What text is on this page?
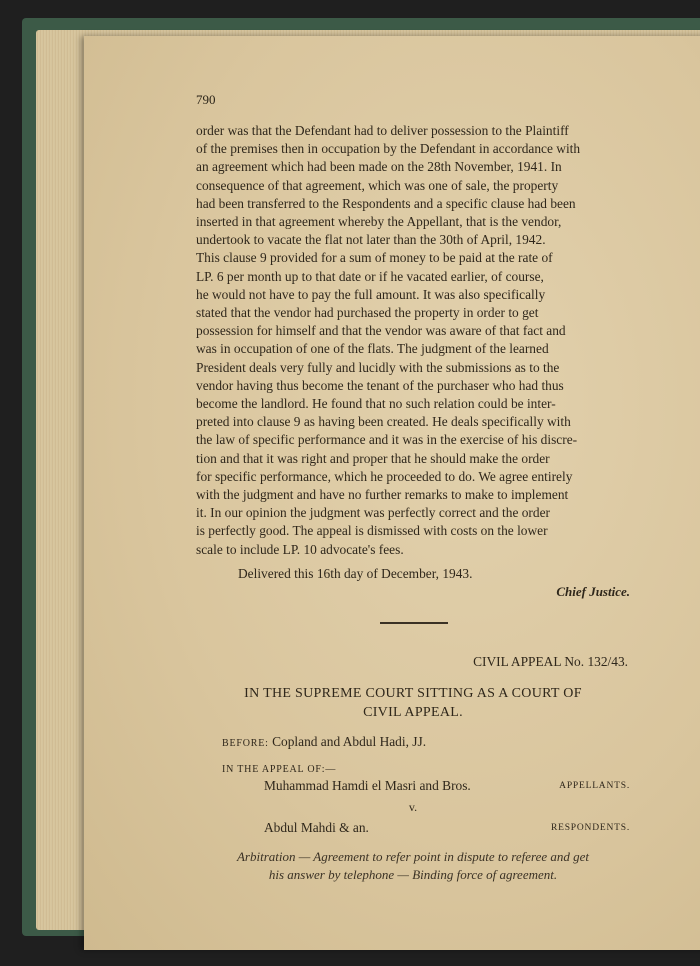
790

order was that the Defendant had to deliver possession to the Plaintiff

of the premises then in occupation by the Defendant in accordance with

an agreement which had been made on the 28th November, 1941. In

consequence of that agreement, which was one of sale, the property

had been transferred to the Respondents and a specific clause had been

inserted in that agreement whereby the Appellant, that is the vendor,

undertook to vacate the flat not later than the 30th of April, 1942.

This clause 9 provided for a sum of money to be paid at the rate of

LP. 6 per month up to that date or if he vacated earlier, of course,

he would not have to pay the full amount. It was also specifically

stated that the vendor had purchased the property in order to get

possession for himself and that the vendor was aware of that fact and

was in occupation of one of the flats. The judgment of the learned

President deals very fully and lucidly with the submissions as to the

vendor having thus become the tenant of the purchaser who had thus

become the landlord. He found that no such relation could be inter-

preted into clause 9 as having been created. He deals specifically with

the law of specific performance and it was in the exercise of his discre-

tion and that it was right and proper that he should make the order

for specific performance, which he proceeded to do. We agree entirely

with the judgment and have no further remarks to make to implement

it. In our opinion the judgment was perfectly correct and the order

is perfectly good. The appeal is dismissed with costs on the lower

scale to include LP. 10 advocate's fees.

Delivered this 16th day of December, 1943.
Chief Justice.
CIVIL APPEAL No. 132/43.
IN THE SUPREME COURT SITTING AS A COURT OF
CIVIL APPEAL.
BEFORE: Copland and Abdul Hadi, JJ.
IN THE APPEAL OF:—
Muhammad Hamdi el Masri and Bros.	APPELLANTS.
v.
Abdul Mahdi & an.	RESPONDENTS.
Arbitration — Agreement to refer point in dispute to referee and get
his answer by telephone — Binding force of agreement.
